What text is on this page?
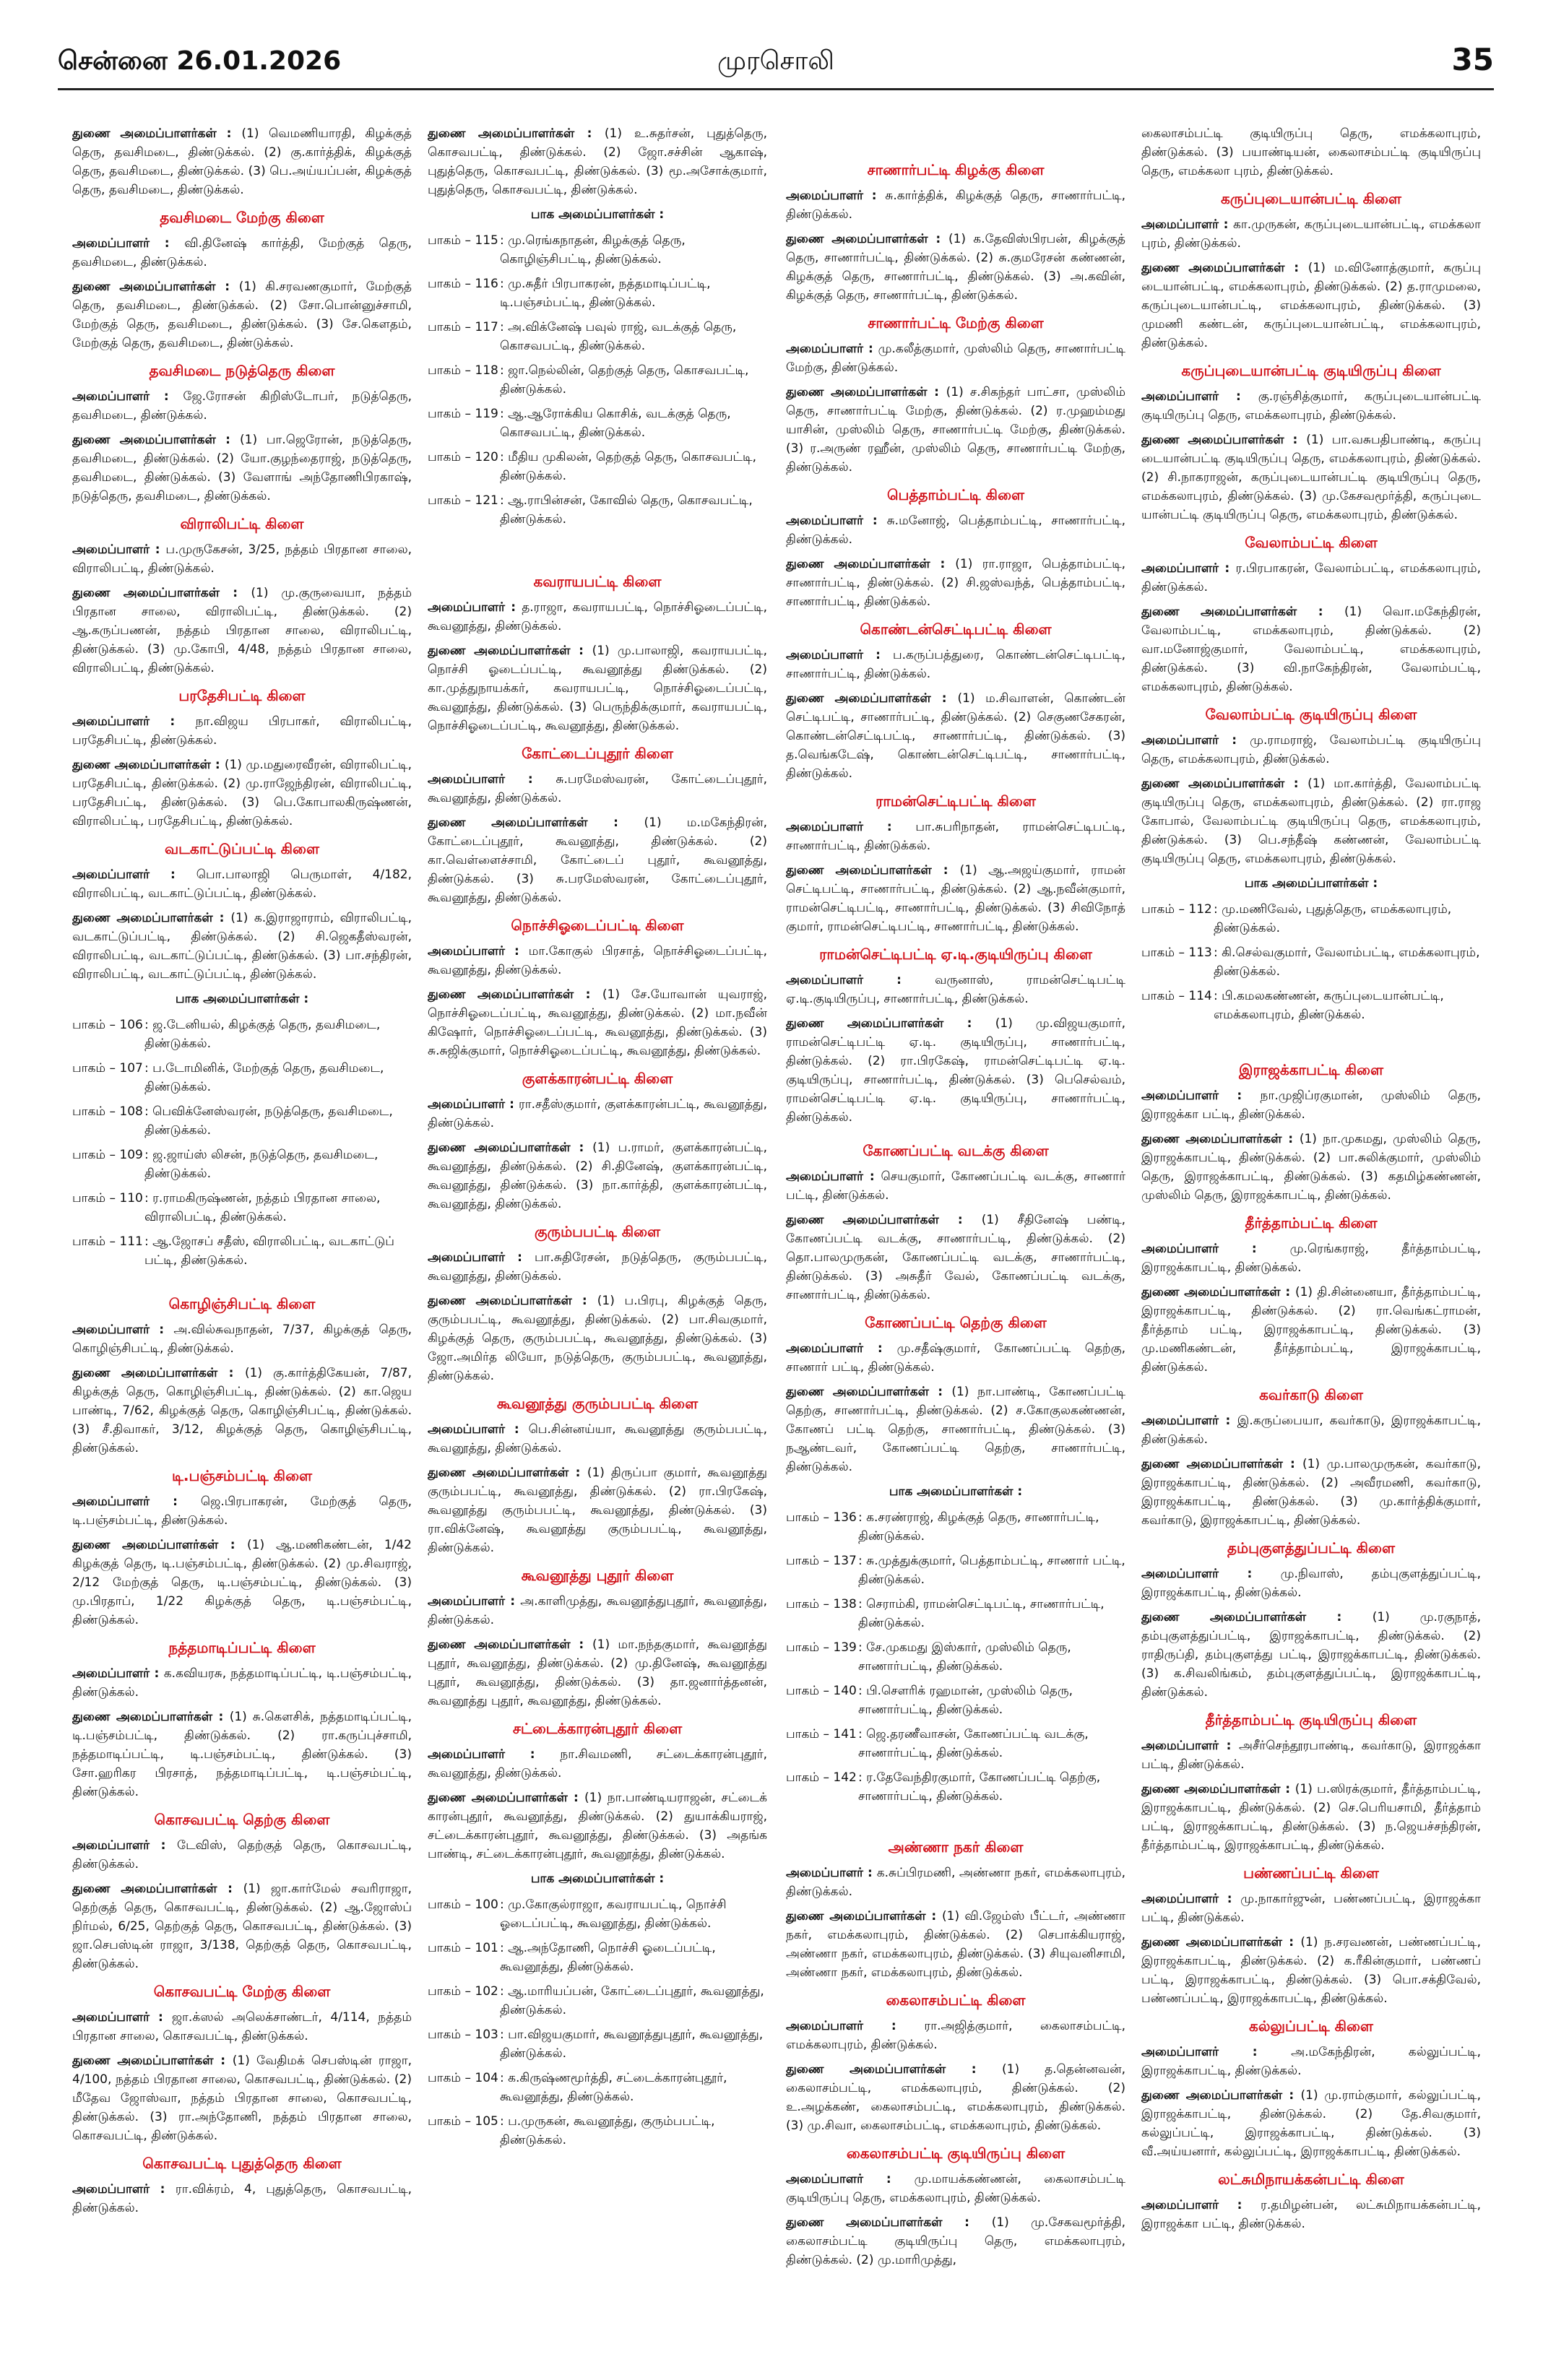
சென்னை 26.01.2026	முரசொலி	35

துணை அமைப்பாளர்கள் : (1) வெமணியாரதி, கிழக்குத் தெரு, தவசிமடை, திண்டுக்கல். (2) கு.கார்த்திக், கிழக்குத் தெரு, தவசிமடை, திண்டுக்கல். (3) பெ.அய்யப்பன், கிழக்குத் தெரு, தவசிமடை, திண்டுக்கல்.

தவசிமடை மேற்கு கிளை

அமைப்பாளர் : வி.தினேஷ் கார்த்தி, மேற்குத் தெரு, தவசிமடை, திண்டுக்கல்.

துணை அமைப்பாளர்கள் : (1) கி.சரவணகுமார், மேற்குத் தெரு, தவசிமடை, திண்டுக்கல். (2) சோ.பொன்னுச்சாமி, மேற்குத் தெரு, தவசிமடை, திண்டுக்கல். (3) சே.கௌதம், மேற்குத் தெரு, தவசிமடை, திண்டுக்கல்.

தவசிமடை நடுத்தெரு கிளை

அமைப்பாளர் : ஜே.ரோசன் கிறிஸ்டோபர், நடுத்தெரு, தவசிமடை, திண்டுக்கல்.

துணை அமைப்பாளர்கள் : (1) பா.ஜெரோன், நடுத்தெரு, தவசிமடை, திண்டுக்கல். (2) யோ.குழந்தைராஜ், நடுத்தெரு, தவசிமடை, திண்டுக்கல். (3) வேளாங் அந்தோணிபிரகாஷ், நடுத்தெரு, தவசிமடை, திண்டுக்கல்.

விராலிபட்டி கிளை

அமைப்பாளர் : ப.முருகேசன், 3/25, நத்தம் பிரதான சாலை, விராலிபட்டி, திண்டுக்கல்.

துணை அமைப்பாளர்கள் : (1) மு.குருவையா, நத்தம் பிரதான சாலை, விராலிபட்டி, திண்டுக்கல். (2) ஆ.கருப்பணன், நத்தம் பிரதான சாலை, விராலிபட்டி, திண்டுக்கல். (3) மு.கோபி, 4/48, நத்தம் பிரதான சாலை, விராலிபட்டி, திண்டுக்கல்.

பரதேசிபட்டி கிளை

அமைப்பாளர் : நா.விஜய பிரபாகர், விராலிபட்டி, பரதேசிபட்டி, திண்டுக்கல்.

துணை அமைப்பாளர்கள் : (1) மு.மதுரைவீரன், விராலிபட்டி, பரதேசிபட்டி, திண்டுக்கல். (2) மு.ராஜேந்திரன், விராலிபட்டி, பரதேசிபட்டி, திண்டுக்கல். (3) பெ.கோபாலகிருஷ்ணன், விராலிபட்டி, பரதேசிபட்டி, திண்டுக்கல்.

வடகாட்டுப்பட்டி கிளை

அமைப்பாளர் : பொ.பாலாஜி பெருமாள், 4/182, விராலிபட்டி, வடகாட்டுப்பட்டி, திண்டுக்கல்.

துணை அமைப்பாளர்கள் : (1) க.இராஜாராம், விராலிபட்டி, வடகாட்டுப்பட்டி, திண்டுக்கல். (2) சி.ஜெகதீஸ்வரன், விராலிபட்டி, வடகாட்டுப்பட்டி, திண்டுக்கல். (3) பா.சந்திரன், விராலிபட்டி, வடகாட்டுப்பட்டி, திண்டுக்கல்.

பாக அமைப்பாளர்கள் :
பாகம் – 106 : ஜ.டேனியல், கிழக்குத் தெரு, தவசிமடை, திண்டுக்கல்.
பாகம் – 107 : ப.டோமினிக், மேற்குத் தெரு, தவசிமடை, திண்டுக்கல்.
பாகம் – 108 : பெவிக்னேஸ்வரன், நடுத்தெரு, தவசிமடை, திண்டுக்கல்.
பாகம் – 109 : ஜ.ஜாய்ஸ் லிசன், நடுத்தெரு, தவசிமடை, திண்டுக்கல்.
பாகம் – 110 : ர.ராமகிருஷ்ணன், நத்தம் பிரதான சாலை, விராலிபட்டி, திண்டுக்கல்.
பாகம் – 111 : ஆ.ஜோசப் சதீஸ், விராலிபட்டி, வடகாட்டுப் பட்டி, திண்டுக்கல்.
கொழிஞ்சிபட்டி கிளை

அமைப்பாளர் : அ.வில்சுவநாதன், 7/37, கிழக்குத் தெரு, கொழிஞ்சிபட்டி, திண்டுக்கல்.

துணை அமைப்பாளர்கள் : (1) கு.கார்த்திகேயன், 7/87, கிழக்குத் தெரு, கொழிஞ்சிபட்டி, திண்டுக்கல். (2) கா.ஜெய பாண்டி, 7/62, கிழக்குத் தெரு, கொழிஞ்சிபட்டி, திண்டுக்கல். (3) சீ.திவாகர், 3/12, கிழக்குத் தெரு, கொழிஞ்சிபட்டி, திண்டுக்கல்.

டி.பஞ்சம்பட்டி கிளை

அமைப்பாளர் : ஜெ.பிரபாகரன், மேற்குத் தெரு, டி.பஞ்சம்பட்டி, திண்டுக்கல்.

துணை அமைப்பாளர்கள் : (1) ஆ.மணிகண்டன், 1/42 கிழக்குத் தெரு, டி.பஞ்சம்பட்டி, திண்டுக்கல். (2) மு.சிவராஜ், 2/12 மேற்குத் தெரு, டி.பஞ்சம்பட்டி, திண்டுக்கல். (3) மு.பிரதாப், 1/22 கிழக்குத் தெரு, டி.பஞ்சம்பட்டி, திண்டுக்கல்.

நத்தமாடிப்பட்டி கிளை

அமைப்பாளர் : க.கவியரசு, நத்தமாடிப்பட்டி, டி.பஞ்சம்பட்டி, திண்டுக்கல்.

துணை அமைப்பாளர்கள் : (1) சு.கௌசிக், நத்தமாடிப்பட்டி, டி.பஞ்சம்பட்டி, திண்டுக்கல். (2) ரா.கருப்புச்சாமி, நத்தமாடிப்பட்டி, டி.பஞ்சம்பட்டி, திண்டுக்கல். (3) சோ.ஹரிகர பிரசாத், நத்தமாடிப்பட்டி, டி.பஞ்சம்பட்டி, திண்டுக்கல்.

கொசவபட்டி தெற்கு கிளை

அமைப்பாளர் : டேவிஸ், தெற்குத் தெரு, கொசவபட்டி, திண்டுக்கல்.

துணை அமைப்பாளர்கள் : (1) ஜா.கார்மேல் சவரிராஜா, தெற்குத் தெரு, கொசவபட்டி, திண்டுக்கல். (2) ஆ.ஜோஸ்ப் நிர்மல், 6/25, தெற்குத் தெரு, கொசவபட்டி, திண்டுக்கல். (3) ஜா.செபஸ்டின் ராஜா, 3/138, தெற்குத் தெரு, கொசவபட்டி, திண்டுக்கல்.

கொசவபட்டி மேற்கு கிளை

அமைப்பாளர் : ஜா.க்ஸல் அலெக்சாண்டர், 4/114, நத்தம் பிரதான சாலை, கொசவபட்டி, திண்டுக்கல்.

துணை அமைப்பாளர்கள் : (1) வேதிமக் செபஸ்டின் ராஜா, 4/100, நத்தம் பிரதான சாலை, கொசவபட்டி, திண்டுக்கல். (2) மீதேவ ஜோஸ்வா, நத்தம் பிரதான சாலை, கொசவபட்டி, திண்டுக்கல். (3) ரா.அந்தோணி, நத்தம் பிரதான சாலை, கொசவபட்டி, திண்டுக்கல்.

கொசவபட்டி புதுத்தெரு கிளை

அமைப்பாளர் : ரா.விக்ரம், 4, புதுத்தெரு, கொசவபட்டி, திண்டுக்கல்.

துணை அமைப்பாளர்கள் : (1) உ.சுதர்சன், புதுத்தெரு, கொசவபட்டி, திண்டுக்கல். (2) ஜோ.சச்சின் ஆகாஷ், புதுத்தெரு, கொசவபட்டி, திண்டுக்கல். (3) மூ.அசோக்குமார், புதுத்தெரு, கொசவபட்டி, திண்டுக்கல்.

பாக அமைப்பாளர்கள் :
பாகம் – 115 : மு.ரெங்கநாதன், கிழக்குத் தெரு, கொழிஞ்சிபட்டி, திண்டுக்கல்.
பாகம் – 116 : மு.சுதீர் பிரபாகரன், நத்தமாடிப்பட்டி, டி.பஞ்சம்பட்டி, திண்டுக்கல்.
பாகம் – 117 : அ.விக்னேஷ் பவுல் ராஜ், வடக்குத் தெரு, கொசவபட்டி, திண்டுக்கல்.
பாகம் – 118 : ஜா.நெல்லின், தெற்குத் தெரு, கொசவபட்டி, திண்டுக்கல்.
பாகம் – 119 : ஆ.ஆரோக்கிய கொசிக், வடக்குத் தெரு, கொசவபட்டி, திண்டுக்கல்.
பாகம் – 120 : மீதிய முகிலன், தெற்குத் தெரு, கொசவபட்டி, திண்டுக்கல்.
பாகம் – 121 : ஆ.ராபின்சன், கோவில் தெரு, கொசவபட்டி, திண்டுக்கல்.
கவராயபட்டி கிளை

அமைப்பாளர் : த.ராஜா, கவராயபட்டி, நொச்சிஓடைப்பட்டி, கூவனூத்து, திண்டுக்கல்.

துணை அமைப்பாளர்கள் : (1) மு.பாலாஜி, கவராயபட்டி, நொச்சி ஓடைப்பட்டி, கூவனூத்து திண்டுக்கல். (2) கா.முத்துநாயக்கர், கவராயபட்டி, நொச்சிஓடைப்பட்டி, கூவனூத்து, திண்டுக்கல். (3) பெருந்திக்குமார், கவராயபட்டி, நொச்சிஓடைப்பட்டி, கூவனூத்து, திண்டுக்கல்.

கோட்டைப்புதூர் கிளை

அமைப்பாளர் : சு.பரமேஸ்வரன், கோட்டைப்புதூர், கூவனூத்து, திண்டுக்கல்.

துணை அமைப்பாளர்கள் : (1) ம.மகேந்திரன், கோட்டைப்புதூர், கூவனூத்து, திண்டுக்கல். (2) கா.வெள்ளைச்சாமி, கோட்டைப் புதூர், கூவனூத்து, திண்டுக்கல். (3) சு.பரமேஸ்வரன், கோட்டைப்புதூர், கூவனூத்து, திண்டுக்கல்.

நொச்சிஓடைப்பட்டி கிளை

அமைப்பாளர் : மா.கோகுல் பிரசாத், நொச்சிஓடைப்பட்டி, கூவனூத்து, திண்டுக்கல்.

துணை அமைப்பாளர்கள் : (1) சே.யோவான் யுவராஜ், நொச்சிஓடைப்பட்டி, கூவனூத்து, திண்டுக்கல். (2) மா.நவீன் கிஷோர், நொச்சிஓடைப்பட்டி, கூவனூத்து, திண்டுக்கல். (3) சு.சுஜிக்குமார், நொச்சிஓடைப்பட்டி, கூவனூத்து, திண்டுக்கல்.

குளக்காரன்பட்டி கிளை

அமைப்பாளர் : ரா.சதீஸ்குமார், குளக்காரன்பட்டி, கூவனூத்து, திண்டுக்கல்.

துணை அமைப்பாளர்கள் : (1) ப.ராமர், குளக்காரன்பட்டி, கூவனூத்து, திண்டுக்கல். (2) சி.தினேஷ், குளக்காரன்பட்டி, கூவனூத்து, திண்டுக்கல். (3) நா.கார்த்தி, குளக்காரன்பட்டி, கூவனூத்து, திண்டுக்கல்.

குரும்பபட்டி கிளை

அமைப்பாளர் : பா.சுதிரேசன், நடுத்தெரு, குரும்பபட்டி, கூவனூத்து, திண்டுக்கல்.

துணை அமைப்பாளர்கள் : (1) ப.பிரபு, கிழக்குத் தெரு, குரும்பபட்டி, கூவனூத்து, திண்டுக்கல். (2) பா.சிவகுமார், கிழக்குத் தெரு, குரும்பபட்டி, கூவனூத்து, திண்டுக்கல். (3) ஜோ.அமிர்த லியோ, நடுத்தெரு, குரும்பபட்டி, கூவனூத்து, திண்டுக்கல்.

கூவனூத்து குரும்பபட்டி கிளை

அமைப்பாளர் : பெ.சின்னய்யா, கூவனூத்து குரும்பபட்டி, கூவனூத்து, திண்டுக்கல்.

துணை அமைப்பாளர்கள் : (1) திருப்பா குமார், கூவனூத்து குரும்பபட்டி, கூவனூத்து, திண்டுக்கல். (2) ரா.பிரகேஷ், கூவனூத்து குரும்பபட்டி, கூவனூத்து, திண்டுக்கல். (3) ரா.விக்னேஷ், கூவனூத்து குரும்பபட்டி, கூவனூத்து, திண்டுக்கல்.

கூவனூத்து புதூர் கிளை

அமைப்பாளர் : அ.காளிமுத்து, கூவனூத்துபுதூர், கூவனூத்து, திண்டுக்கல்.

துணை அமைப்பாளர்கள் : (1) மா.நந்தகுமார், கூவனூத்து புதூர், கூவனூத்து, திண்டுக்கல். (2) மு.தினேஷ், கூவனூத்து புதூர், கூவனூத்து, திண்டுக்கல். (3) தா.ஜனார்த்தனன், கூவனூத்து புதூர், கூவனூத்து, திண்டுக்கல்.

சட்டைக்காரன்புதூர் கிளை

அமைப்பாளர் : நா.சிவமணி, சட்டைக்காரன்புதூர், கூவனூத்து, திண்டுக்கல்.

துணை அமைப்பாளர்கள் : (1) நா.பாண்டியராஜன், சட்டைக் காரன்புதூர், கூவனூத்து, திண்டுக்கல். (2) துயாக்கியராஜ், சட்டைக்காரன்புதூர், கூவனூத்து, திண்டுக்கல். (3) அதங்க பாண்டி, சட்டைக்காரன்புதூர், கூவனூத்து, திண்டுக்கல்.

பாக அமைப்பாளர்கள் :
பாகம் – 100 : மு.கோகுல்ராஜா, கவராயபட்டி, நொச்சி ஓடைப்பட்டி, கூவனூத்து, திண்டுக்கல்.
பாகம் – 101 : ஆ.அந்தோணி, நொச்சி ஓடைப்பட்டி, கூவனூத்து, திண்டுக்கல்.
பாகம் – 102 : ஆ.மாரியப்பன், கோட்டைப்புதூர், கூவனூத்து, திண்டுக்கல்.
பாகம் – 103 : பா.விஜயகுமார், கூவனூத்துபுதூர், கூவனூத்து, திண்டுக்கல்.
பாகம் – 104 : க.கிருஷ்ணமூர்த்தி, சட்டைக்காரன்புதூர், கூவனூத்து, திண்டுக்கல்.
பாகம் – 105 : ப.முருகன், கூவனூத்து, குரும்பபட்டி, திண்டுக்கல்.
சாணார்பட்டி கிழக்கு கிளை

அமைப்பாளர் : சு.கார்த்திக், கிழக்குத் தெரு, சாணார்பட்டி, திண்டுக்கல்.

துணை அமைப்பாளர்கள் : (1) க.தேவிஸ்பிரபன், கிழக்குத் தெரு, சாணார்பட்டி, திண்டுக்கல். (2) சு.குமரேசன் கண்ணன், கிழக்குத் தெரு, சாணார்பட்டி, திண்டுக்கல். (3) அ.கவின், கிழக்குத் தெரு, சாணார்பட்டி, திண்டுக்கல்.

சாணார்பட்டி மேற்கு கிளை

அமைப்பாளர் : மு.கலீத்குமார், முஸ்லிம் தெரு, சாணார்பட்டி மேற்கு, திண்டுக்கல்.

துணை அமைப்பாளர்கள் : (1) ச.சிகந்தர் பாட்சா, முஸ்லிம் தெரு, சாணார்பட்டி மேற்கு, திண்டுக்கல். (2) ர.முஹம்மது யாசின், முஸ்லிம் தெரு, சாணார்பட்டி மேற்கு, திண்டுக்கல். (3) ர.அருண் ரஹீன், முஸ்லிம் தெரு, சாணார்பட்டி மேற்கு, திண்டுக்கல்.

பெத்தாம்பட்டி கிளை

அமைப்பாளர் : சு.மனோஜ், பெத்தாம்பட்டி, சாணார்பட்டி, திண்டுக்கல்.

துணை அமைப்பாளர்கள் : (1) ரா.ராஜா, பெத்தாம்பட்டி, சாணார்பட்டி, திண்டுக்கல். (2) சி.ஜஸ்வந்த், பெத்தாம்பட்டி, சாணார்பட்டி, திண்டுக்கல்.

கொண்டன்செட்டிபட்டி கிளை

அமைப்பாளர் : ப.கருப்பத்துரை, கொண்டன்செட்டிபட்டி, சாணார்பட்டி, திண்டுக்கல்.

துணை அமைப்பாளர்கள் : (1) ம.சிவாளன், கொண்டன் செட்டிபட்டி, சாணார்பட்டி, திண்டுக்கல். (2) செகுணசேகரன், கொண்டன்செட்டிபட்டி, சாணார்பட்டி, திண்டுக்கல். (3) த.வெங்கடேஷ், கொண்டன்செட்டிபட்டி, சாணார்பட்டி, திண்டுக்கல்.

ராமன்செட்டிபட்டி கிளை

அமைப்பாளர் : பா.சுபரிநாதன், ராமன்செட்டிபட்டி, சாணார்பட்டி, திண்டுக்கல்.

துணை அமைப்பாளர்கள் : (1) ஆ.அஜய்குமார், ராமன் செட்டிபட்டி, சாணார்பட்டி, திண்டுக்கல். (2) ஆ.நவீன்குமார், ராமன்செட்டிபட்டி, சாணார்பட்டி, திண்டுக்கல். (3) சிவிநோத் குமார், ராமன்செட்டிபட்டி, சாணார்பட்டி, திண்டுக்கல்.

ராமன்செட்டிபட்டி ஏ.டி.குடியிருப்பு கிளை

அமைப்பாளர் : வருனாஸ், ராமன்செட்டிபட்டி ஏ.டி.குடியிருப்பு, சாணார்பட்டி, திண்டுக்கல்.

துணை அமைப்பாளர்கள் : (1) மு.விஜயகுமார், ராமன்செட்டிபட்டி ஏ.டி. குடியிருப்பு, சாணார்பட்டி, திண்டுக்கல். (2) ரா.பிரகேஷ், ராமன்செட்டிபட்டி ஏ.டி. குடியிருப்பு, சாணார்பட்டி, திண்டுக்கல். (3) பெசெல்வம், ராமன்செட்டிபட்டி ஏ.டி. குடியிருப்பு, சாணார்பட்டி, திண்டுக்கல்.

கோணப்பட்டி வடக்கு கிளை

அமைப்பாளர் : செயகுமார், கோணப்பட்டி வடக்கு, சாணார் பட்டி, திண்டுக்கல்.

துணை அமைப்பாளர்கள் : (1) சீதினேஷ் பண்டி, கோணப்பட்டி வடக்கு, சாணார்பட்டி, திண்டுக்கல். (2) தொ.பாலமுருகன், கோணப்பட்டி வடக்கு, சாணார்பட்டி, திண்டுக்கல். (3) அசுதீர் வேல், கோணப்பட்டி வடக்கு, சாணார்பட்டி, திண்டுக்கல்.

கோணப்பட்டி தெற்கு கிளை

அமைப்பாளர் : மு.சதீஷ்குமார், கோணப்பட்டி தெற்கு, சாணார் பட்டி, திண்டுக்கல்.

துணை அமைப்பாளர்கள் : (1) நா.பாண்டி, கோணப்பட்டி தெற்கு, சாணார்பட்டி, திண்டுக்கல். (2) ச.கோகுலகண்ணன், கோணப் பட்டி தெற்கு, சாணார்பட்டி, திண்டுக்கல். (3) நஆண்டவர், கோணப்பட்டி தெற்கு, சாணார்பட்டி, திண்டுக்கல்.

பாக அமைப்பாளர்கள் :
பாகம் – 136 : க.சரண்ராஜ், கிழக்குத் தெரு, சாணார்பட்டி, திண்டுக்கல்.
பாகம் – 137 : சு.முத்துக்குமார், பெத்தாம்பட்டி, சாணார் பட்டி, திண்டுக்கல்.
பாகம் – 138 : செராம்கி, ராமன்செட்டிபட்டி, சாணார்பட்டி, திண்டுக்கல்.
பாகம் – 139 : சே.முகமது இஸ்கார், முஸ்லிம் தெரு, சாணார்பட்டி, திண்டுக்கல்.
பாகம் – 140 : பி.சௌரிக் ரஹமான், முஸ்லிம் தெரு, சாணார்பட்டி, திண்டுக்கல்.
பாகம் – 141 : ஜெ.தரணீவாசன், கோணப்பட்டி வடக்கு, சாணார்பட்டி, திண்டுக்கல்.
பாகம் – 142 : ர.தேவேந்திரகுமார், கோணப்பட்டி தெற்கு, சாணார்பட்டி, திண்டுக்கல்.
அண்ணா நகர் கிளை

அமைப்பாளர் : க.சுப்பிரமணி, அண்ணா நகர், எமக்கலாபுரம், திண்டுக்கல்.

துணை அமைப்பாளர்கள் : (1) வி.ஜேம்ஸ் பீட்டர், அண்ணா நகர், எமக்கலாபுரம், திண்டுக்கல். (2) செபாக்கியராஜ், அண்ணா நகர், எமக்கலாபுரம், திண்டுக்கல். (3) சியுவனிசாமி, அண்ணா நகர், எமக்கலாபுரம், திண்டுக்கல்.

கைலாசம்பட்டி கிளை

அமைப்பாளர் : ரா.அஜித்குமார், கைலாசம்பட்டி, எமக்கலாபுரம், திண்டுக்கல்.

துணை அமைப்பாளர்கள் : (1) த.தென்னவன், கைலாசம்பட்டி, எமக்கலாபுரம், திண்டுக்கல். (2) உ.அழக்கண், கைலாசம்பட்டி, எமக்கலாபுரம், திண்டுக்கல். (3) மு.சிவா, கைலாசம்பட்டி, எமக்கலாபுரம், திண்டுக்கல்.

கைலாசம்பட்டி குடியிருப்பு கிளை

அமைப்பாளர் : மு.மாயக்கண்ணன், கைலாசம்பட்டி குடியிருப்பு தெரு, எமக்கலாபுரம், திண்டுக்கல்.

துணை அமைப்பாளர்கள் : (1) மு.சேகவமூர்த்தி, கைலாசம்பட்டி குடியிருப்பு தெரு, எமக்கலாபுரம், திண்டுக்கல். (2) மு.மாரிமுத்து,

கைலாசம்பட்டி குடியிருப்பு தெரு, எமக்கலாபுரம், திண்டுக்கல். (3) பயாண்டியன், கைலாசம்பட்டி குடியிருப்பு தெரு, எமக்கலா புரம், திண்டுக்கல்.

கருப்புடையான்பட்டி கிளை

அமைப்பாளர் : கா.முருகன், கருப்புடையான்பட்டி, எமக்கலா புரம், திண்டுக்கல்.

துணை அமைப்பாளர்கள் : (1) ம.வினோத்குமார், கருப்பு டையான்பட்டி, எமக்கலாபுரம், திண்டுக்கல். (2) த.ராமுமலை, கருப்புடையான்பட்டி, எமக்கலாபுரம், திண்டுக்கல். (3) முமணி கண்டன், கருப்புடையான்பட்டி, எமக்கலாபுரம், திண்டுக்கல்.

கருப்புடையான்பட்டி குடியிருப்பு கிளை

அமைப்பாளர் : கு.ரஞ்சித்குமார், கருப்புடையான்பட்டி குடியிருப்பு தெரு, எமக்கலாபுரம், திண்டுக்கல்.

துணை அமைப்பாளர்கள் : (1) பா.வசுபதிபாண்டி, கருப்பு டையான்பட்டி குடியிருப்பு தெரு, எமக்கலாபுரம், திண்டுக்கல். (2) சி.நாகராஜன், கருப்புடையான்பட்டி குடியிருப்பு தெரு, எமக்கலாபுரம், திண்டுக்கல். (3) மு.கேசவமூர்த்தி, கருப்புடை யான்பட்டி குடியிருப்பு தெரு, எமக்கலாபுரம், திண்டுக்கல்.

வேலாம்பட்டி கிளை

அமைப்பாளர் : ர.பிரபாகரன், வேலாம்பட்டி, எமக்கலாபுரம், திண்டுக்கல்.

துணை அமைப்பாளர்கள் : (1) வொ.மகேந்திரன், வேலாம்பட்டி, எமக்கலாபுரம், திண்டுக்கல். (2) வா.மனோஜ்குமார், வேலாம்பட்டி, எமக்கலாபுரம், திண்டுக்கல். (3) வி.நாகேந்திரன், வேலாம்பட்டி, எமக்கலாபுரம், திண்டுக்கல்.

வேலாம்பட்டி குடியிருப்பு கிளை

அமைப்பாளர் : மு.ராமராஜ், வேலாம்பட்டி குடியிருப்பு தெரு, எமக்கலாபுரம், திண்டுக்கல்.

துணை அமைப்பாளர்கள் : (1) மா.கார்த்தி, வேலாம்பட்டி குடியிருப்பு தெரு, எமக்கலாபுரம், திண்டுக்கல். (2) ரா.ராஜ கோபால், வேலாம்பட்டி குடியிருப்பு தெரு, எமக்கலாபுரம், திண்டுக்கல். (3) பெ.சந்தீஷ் கண்ணன், வேலாம்பட்டி குடியிருப்பு தெரு, எமக்கலாபுரம், திண்டுக்கல்.

பாக அமைப்பாளர்கள் :
பாகம் – 112 : மு.மணிவேல், புதுத்தெரு, எமக்கலாபுரம், திண்டுக்கல்.
பாகம் – 113 : கி.செல்வகுமார், வேலாம்பட்டி, எமக்கலாபுரம், திண்டுக்கல்.
பாகம் – 114 : பி.கமலகண்ணன், கருப்புடையான்பட்டி, எமக்கலாபுரம், திண்டுக்கல்.
இராஜக்காபட்டி கிளை

அமைப்பாளர் : நா.முஜிப்ரகுமான், முஸ்லிம் தெரு, இராஜக்கா பட்டி, திண்டுக்கல்.

துணை அமைப்பாளர்கள் : (1) நா.முகமது, முஸ்லிம் தெரு, இராஜக்காபட்டி, திண்டுக்கல். (2) பா.சுலிக்குமார், முஸ்லிம் தெரு, இராஜக்காபட்டி, திண்டுக்கல். (3) கதமிழ்கண்ணன், முஸ்லிம் தெரு, இராஜக்காபட்டி, திண்டுக்கல்.

தீர்த்தாம்பட்டி கிளை

அமைப்பாளர் : மு.ரெங்கராஜ், தீர்த்தாம்பட்டி, இராஜக்காபட்டி, திண்டுக்கல்.

துணை அமைப்பாளர்கள் : (1) தி.சின்னையா, தீர்த்தாம்பட்டி, இராஜக்காபட்டி, திண்டுக்கல். (2) ரா.வெங்கட்ராமன், தீர்த்தாம் பட்டி, இராஜக்காபட்டி, திண்டுக்கல். (3) மு.மணிகண்டன், தீர்த்தாம்பட்டி, இராஜக்காபட்டி, திண்டுக்கல்.

கவர்காடு கிளை

அமைப்பாளர் : இ.கருப்பையா, கவர்காடு, இராஜக்காபட்டி, திண்டுக்கல்.

துணை அமைப்பாளர்கள் : (1) மு.பாலமுருகன், கவர்காடு, இராஜக்காபட்டி, திண்டுக்கல். (2) அவீரமணி, கவர்காடு, இராஜக்காபட்டி, திண்டுக்கல். (3) மு.கார்த்திக்குமார், கவர்காடு, இராஜக்காபட்டி, திண்டுக்கல்.

தம்புகுளத்துப்பட்டி கிளை

அமைப்பாளர் : மு.நிவாஸ், தம்புகுளத்துப்பட்டி, இராஜக்காபட்டி, திண்டுக்கல்.

துணை அமைப்பாளர்கள் : (1) மு.ரகுநாத், தம்புகுளத்துப்பட்டி, இராஜக்காபட்டி, திண்டுக்கல். (2) ராதிருப்தி, தம்புகுளத்து பட்டி, இராஜக்காபட்டி, திண்டுக்கல். (3) க.சிவலிங்கம், தம்புகுளத்துப்பட்டி, இராஜக்காபட்டி, திண்டுக்கல்.

தீர்த்தாம்பட்டி குடியிருப்பு கிளை

அமைப்பாளர் : அசீர்செந்தூரபாண்டி, கவர்காடு, இராஜக்கா பட்டி, திண்டுக்கல்.

துணை அமைப்பாளர்கள் : (1) ப.ஸிரக்குமார், தீர்த்தாம்பட்டி, இராஜக்காபட்டி, திண்டுக்கல். (2) செ.பெரியசாமி, தீர்த்தாம் பட்டி, இராஜக்காபட்டி, திண்டுக்கல். (3) ந.ஜெயச்சந்திரன், தீர்த்தாம்பட்டி, இராஜக்காபட்டி, திண்டுக்கல்.

பண்ணப்பட்டி கிளை

அமைப்பாளர் : மு.நாகார்ஜுன், பண்ணப்பட்டி, இராஜக்கா பட்டி, திண்டுக்கல்.

துணை அமைப்பாளர்கள் : (1) ந.சரவணன், பண்ணப்பட்டி, இராஜக்காபட்டி, திண்டுக்கல். (2) க.ரீகின்குமார், பண்ணப் பட்டி, இராஜக்காபட்டி, திண்டுக்கல். (3) பொ.சக்திவேல், பண்ணப்பட்டி, இராஜக்காபட்டி, திண்டுக்கல்.

கல்லுப்பட்டி கிளை

அமைப்பாளர் : அ.மகேந்திரன், கல்லுப்பட்டி, இராஜக்காபட்டி, திண்டுக்கல்.

துணை அமைப்பாளர்கள் : (1) மு.ராம்குமார், கல்லுப்பட்டி, இராஜக்காபட்டி, திண்டுக்கல். (2) தே.சிவகுமார், கல்லுப்பட்டி, இராஜக்காபட்டி, திண்டுக்கல். (3) வீ.அய்யனார், கல்லுப்பட்டி, இராஜக்காபட்டி, திண்டுக்கல்.

லட்சுமிநாயக்கன்பட்டி கிளை

அமைப்பாளர் : ர.தமிழன்பன், லட்சுமிநாயக்கன்பட்டி, இராஜக்கா பட்டி, திண்டுக்கல்.
